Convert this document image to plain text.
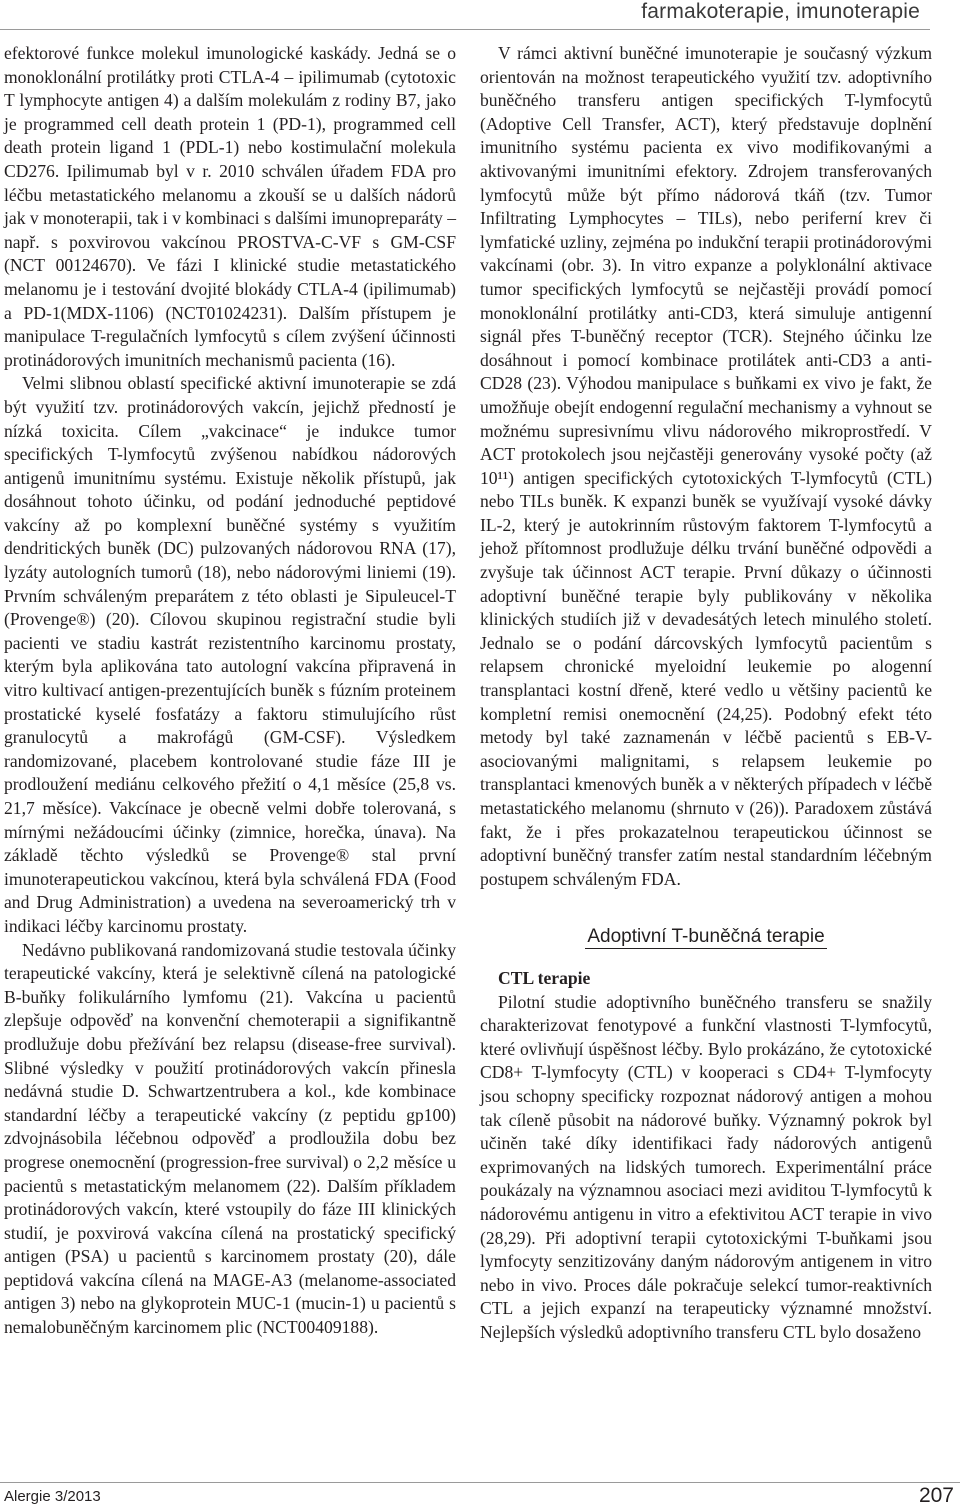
farmakoterapie, imunoterapie

efektorové funkce molekul imunologické kaskády. Jedná se o monoklonální protilátky proti CTLA-4 – ipilimumab (cytotoxic T lymphocyte antigen 4) a dalším molekulám z rodiny B7, jako je programmed cell death protein 1 (PD-1), programmed cell death protein ligand 1 (PDL-1) nebo kostimulační molekula CD276. Ipilimumab byl v r. 2010 schválen úřadem FDA pro léčbu metastatického melanomu a zkouší se u dalších nádorů jak v monoterapii, tak i v kombinaci s dalšími imunopreparáty – např. s poxvirovou vakcínou PROSTVA-C-VF s GM-CSF (NCT 00124670). Ve fázi I klinické studie metastatického melanomu je i testování dvojité blokády CTLA-4 (ipilimumab) a PD-1(MDX-1106) (NCT01024231). Dalším přístupem je manipulace T-regulačních lymfocytů s cílem zvýšení účinnosti protinádorových imunitních mechanismů pacienta (16).

Velmi slibnou oblastí specifické aktivní imunoterapie se zdá být využití tzv. protinádorových vakcín, jejichž předností je nízká toxicita. Cílem „vakcinace“ je indukce tumor specifických T-lymfocytů zvýšenou nabídkou nádorových antigenů imunitnímu systému. Existuje několik přístupů, jak dosáhnout tohoto účinku, od podání jednoduché peptidové vakcíny až po komplexní buněčné systémy s využitím dendritických buněk (DC) pulzovaných nádorovou RNA (17), lyzáty autologních tumorů (18), nebo nádorovými liniemi (19). Prvním schváleným preparátem z této oblasti je Sipuleucel-T (Provenge®) (20). Cílovou skupinou registrační studie byli pacienti ve stadiu kastrát rezistentního karcinomu prostaty, kterým byla aplikována tato autologní vakcína připravená in vitro kultivací antigen-prezentujících buněk s fúzním proteinem prostatické kyselé fosfatázy a faktoru stimulujícího růst granulocytů a makrofágů (GM-CSF). Výsledkem randomizované, placebem kontrolované studie fáze III je prodloužení mediánu celkového přežití o 4,1 měsíce (25,8 vs. 21,7 měsíce). Vakcínace je obecně velmi dobře tolerovaná, s mírnými nežádoucími účinky (zimnice, horečka, únava). Na základě těchto výsledků se Provenge® stal první imunoterapeutickou vakcínou, která byla schválená FDA (Food and Drug Administration) a uvedena na severoamerický trh v indikaci léčby karcinomu prostaty.

Nedávno publikovaná randomizovaná studie testovala účinky terapeutické vakcíny, která je selektivně cílená na patologické B-buňky folikulárního lymfomu (21). Vakcína u pacientů zlepšuje odpověď na konvenční chemoterapii a signifikantně prodlužuje dobu přežívání bez relapsu (disease-free survival). Slibné výsledky v použití protinádorových vakcín přinesla nedávná studie D. Schwartzentrubera a kol., kde kombinace standardní léčby a terapeutické vakcíny (z peptidu gp100) zdvojnásobila léčebnou odpověď a prodloužila dobu bez progrese onemocnění (progression-free survival) o 2,2 měsíce u pacientů s metastatickým melanomem (22). Dalším příkladem protinádorových vakcín, které vstoupily do fáze III klinických studií, je poxvirová vakcína cílená na prostatický specifický antigen (PSA) u pacientů s karcinomem prostaty (20), dále peptidová vakcína cílená na MAGE-A3 (melanome-associated antigen 3) nebo na glykoprotein MUC-1 (mucin-1) u pacientů s nemalobuněčným karcinomem plic (NCT00409188).

V rámci aktivní buněčné imunoterapie je současný výzkum orientován na možnost terapeutického využití tzv. adoptivního buněčného transferu antigen specifických T-lymfocytů (Adoptive Cell Transfer, ACT), který představuje doplnění imunitního systému pacienta ex vivo modifikovanými a aktivovanými imunitními efektory. Zdrojem transferovaných lymfocytů může být přímo nádorová tkáň (tzv. Tumor Infiltrating Lymphocytes – TILs), nebo periferní krev či lymfatické uzliny, zejména po indukční terapii protinádorovými vakcínami (obr. 3). In vitro expanze a polyklonální aktivace tumor specifických lymfocytů se nejčastěji provádí pomocí monoklonální protilátky anti-CD3, která simuluje antigenní signál přes T-buněčný receptor (TCR). Stejného účinku lze dosáhnout i pomocí kombinace protilátek anti-CD3 a anti-CD28 (23). Výhodou manipulace s buňkami ex vivo je fakt, že umožňuje obejít endogenní regulační mechanismy a vyhnout se možnému supresivnímu vlivu nádorového mikroprostředí. V ACT protokolech jsou nejčastěji generovány vysoké počty (až 10¹¹) antigen specifických cytotoxických T-lymfocytů (CTL) nebo TILs buněk. K expanzi buněk se využívají vysoké dávky IL-2, který je autokrinním růstovým faktorem T-lymfocytů a jehož přítomnost prodlužuje délku trvání buněčné odpovědi a zvyšuje tak účinnost ACT terapie. První důkazy o účinnosti adoptivní buněčné terapie byly publikovány v několika klinických studiích již v devadesátých letech minulého století. Jednalo se o podání dárcovských lymfocytů pacientům s relapsem chronické myeloidní leukemie po alogenní transplantaci kostní dřeně, které vedlo u většiny pacientů ke kompletní remisi onemocnění (24,25). Podobný efekt této metody byl také zaznamenán v léčbě pacientů s EB-V-asociovanými malignitami, s relapsem leukemie po transplantaci kmenových buněk a v některých případech v léčbě metastatického melanomu (shrnuto v (26)). Paradoxem zůstává fakt, že i přes prokazatelnou terapeutickou účinnost se adoptivní buněčný transfer zatím nestal standardním léčebným postupem schváleným FDA.

Adoptivní T-buněčná terapie

CTL terapie

Pilotní studie adoptivního buněčného transferu se snažily charakterizovat fenotypové a funkční vlastnosti T-lymfocytů, které ovlivňují úspěšnost léčby. Bylo prokázáno, že cytotoxické CD8+ T-lymfocyty (CTL) v kooperaci s CD4+ T-lymfocyty jsou schopny specificky rozpoznat nádorový antigen a mohou tak cíleně působit na nádorové buňky. Významný pokrok byl učiněn také díky identifikaci řady nádorových antigenů exprimovaných na lidských tumorech. Experimentální práce poukázaly na významnou asociaci mezi aviditou T-lymfocytů k nádorovému antigenu in vitro a efektivitou ACT terapie in vivo (28,29). Při adoptivní terapii cytotoxickými T-buňkami jsou lymfocyty senzitizovány daným nádorovým antigenem in vitro nebo in vivo. Proces dále pokračuje selekcí tumor-reaktivních CTL a jejich expanzí na terapeuticky významné množství. Nejlepších výsledků adoptivního transferu CTL bylo dosaženo

Alergie 3/2013	207
